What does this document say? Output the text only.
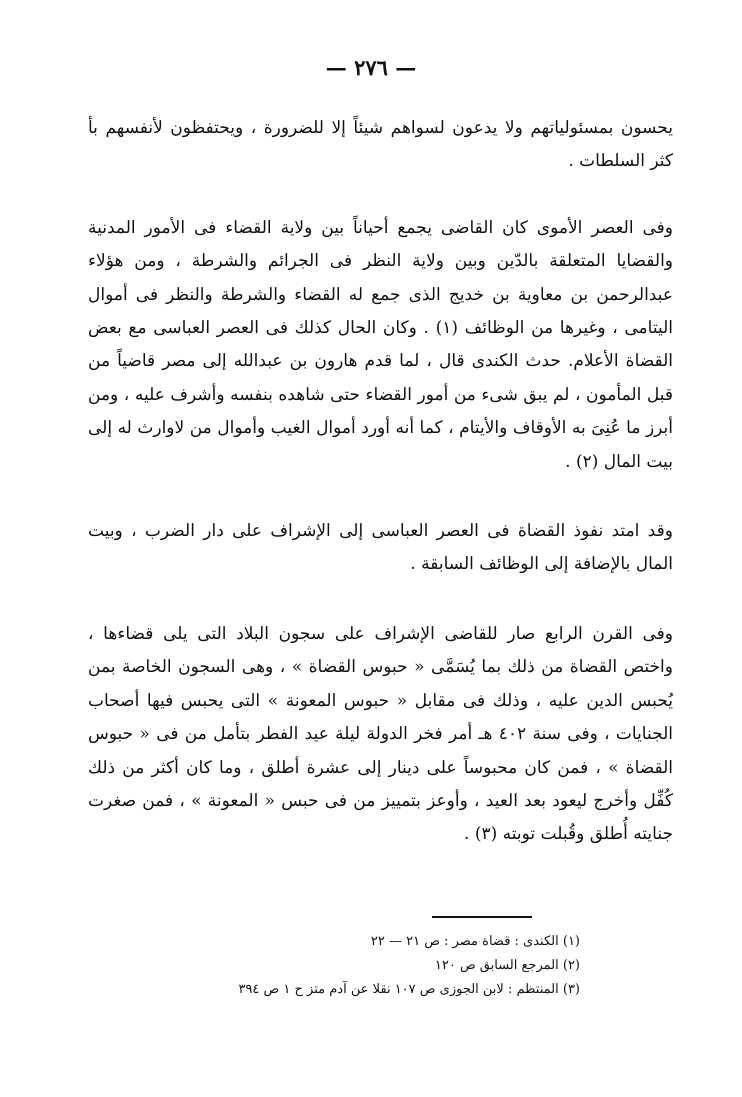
— ٢٧٦ —

يحسون بمسئولياتهم ولا يدعون لسواهم شيئاً إلا للضرورة ، ويحتفظون لأنفسهم بأ كثر السلطات .

وفى العصر الأموى كان القاضى يجمع أحياناً بين ولاية القضاء فى الأمور المدنية والقضايا المتعلقة بالدّين وبين ولاية النظر فى الجرائم والشرطة ، ومن هؤلاء عبدالرحمن بن معاوية بن خديج الذى جمع له القضاء والشرطة والنظر فى أموال اليتامى ، وغيرها من الوظائف (١) . وكان الحال كذلك فى العصر العباسى مع بعض القضاة الأعلام. حدث الكندى قال ، لما قدم هارون بن عبدالله إلى مصر قاضياً من قبل المأمون ، لم يبق شىء من أمور القضاء حتى شاهده بنفسه وأشرف عليه ، ومن أبرز ما عُنِىَ به الأوقاف والأيتام ، كما أنه أورد أموال الغيب وأموال من لاوارث له إلى بيت المال (٢) .

وقد امتد نفوذ القضاة فى العصر العباسى إلى الإشراف على دار الضرب ، وبيت المال بالإضافة إلى الوظائف السابقة .

وفى القرن الرابع صار للقاضى الإشراف على سجون البلاد التى يلى قضاءها ، واختص القضاة من ذلك بما يُسَمَّى « حبوس القضاة » ، وهى السجون الخاصة بمن يُحبس الدين عليه ، وذلك فى مقابل « حبوس المعونة » التى يحبس فيها أصحاب الجنايات ، وفى سنة ٤٠٢ هـ أمر فخر الدولة ليلة عيد الفطر بتأمل من فى « حبوس القضاة » ، فمن كان محبوساً على دينار إلى عشرة أطلق ، وما كان أكثر من ذلك كُفِّل وأخرج ليعود بعد العيد ، وأوعز بتمييز من فى حبس « المعونة » ، فمن صغرت جنايته أُطلق وقُبلت توبته (٣) .

(١) الكندى : قضاة مصر : ص ٢١ — ٢٢
(٢) المرجع السابق ص ١٢٠
(٣) المنتظم : لابن الجوزى ص ١٠٧ نقلا عن آدم متز ح ١ ص ٣٩٤
